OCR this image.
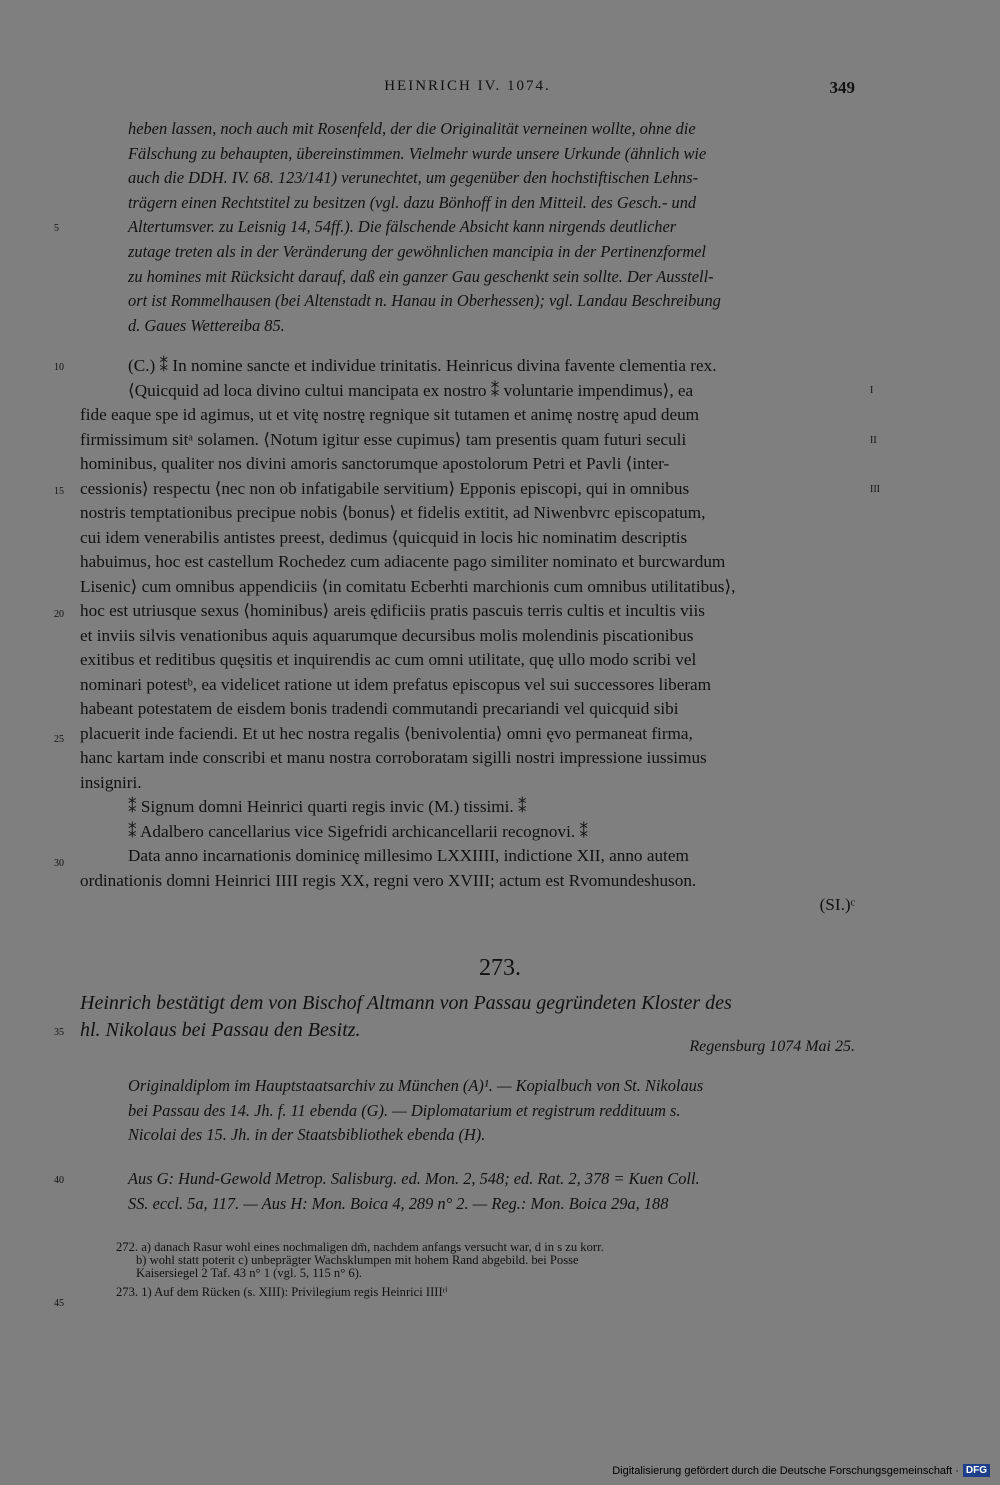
HEINRICH IV. 1074.	349
heben lassen, noch auch mit Rosenfeld, der die Originalität verneinen wollte, ohne die
Fälschung zu behaupten, übereinstimmen. Vielmehr wurde unsere Urkunde (ähnlich wie
auch die DDH. IV. 68. 123/141) verunechtet, um gegenüber den hochstiftischen Lehns-
trägern einen Rechtstitel zu besitzen (vgl. dazu Bönhoff in den Mitteil. des Gesch.- und
Altertumsver. zu Leisnig 14, 54ff.). Die fälschende Absicht kann nirgends deutlicher
zutage treten als in der Veränderung der gewöhnlichen mancipia in der Pertinenzformel
zu homines mit Rücksicht darauf, daß ein ganzer Gau geschenkt sein sollte. Der Ausstell-
ort ist Rommelhausen (bei Altenstadt n. Hanau in Oberhessen); vgl. Landau Beschreibung
d. Gaues Wettereiba 85.
(C.) ⁑ In nomine sancte et individue trinitatis. Heinricus divina favente clementia rex.
⟨Quicquid ad loca divino cultui mancipata ex nostro ⁑ voluntarie impendimus⟩, ea
fide eaque spe id agimus, ut et vitę nostrę regnique sit tutamen et animę nostrę apud deum
firmissimum sitᵃ solamen. ⟨Notum igitur esse cupimus⟩ tam presentis quam futuri seculi
hominibus, qualiter nos divini amoris sanctorumque apostolorum Petri et Pavli ⟨inter-
cessionis⟩ respectu ⟨nec non ob infatigabile servitium⟩ Epponis episcopi, qui in omnibus
nostris temptationibus precipue nobis ⟨bonus⟩ et fidelis extitit, ad Niwenbvrc episcopatum,
cui idem venerabilis antistes preest, dedimus ⟨quicquid in locis hic nominatim descriptis
habuimus, hoc est castellum Rochedez cum adiacente pago similiter nominato et burcwardum
Lisenic⟩ cum omnibus appendiciis ⟨in comitatu Ecberhti marchionis cum omnibus utilitatibus⟩,
hoc est utriusque sexus ⟨hominibus⟩ areis ędificiis pratis pascuis terris cultis et incultis viis
et inviis silvis venationibus aquis aquarumque decursibus molis molendinis piscationibus
exitibus et reditibus quęsitis et inquirendis ac cum omni utilitate, quę ullo modo scribi vel
nominari potestᵇ, ea videlicet ratione ut idem prefatus episcopus vel sui successores liberam
habeant potestatem de eisdem bonis tradendi commutandi precariandi vel quicquid sibi
placuerit inde faciendi. Et ut hec nostra regalis ⟨benivolentia⟩ omni ęvo permaneat firma,
hanc kartam inde conscribi et manu nostra corroboratam sigilli nostri impressione iussimus
insigniri.
⁑ Signum domni Heinrici quarti regis invic (M.) tissimi. ⁑
⁑ Adalbero cancellarius vice Sigefridi archicancellarii recognovi. ⁑
Data anno incarnationis dominicę millesimo LXXIIII, indictione XII, anno autem
ordinationis domni Heinrici IIII regis XX, regni vero XVIII; actum est Rvomundeshuson.
(SI.)ᶜ
273.
Heinrich bestätigt dem von Bischof Altmann von Passau gegründeten Kloster des
hl. Nikolaus bei Passau den Besitz.
Regensburg 1074 Mai 25.
Originaldiplom im Hauptstaatsarchiv zu München (A)¹. — Kopialbuch von St. Nikolaus
bei Passau des 14. Jh. f. 11 ebenda (G). — Diplomatarium et registrum reddituum s.
Nicolai des 15. Jh. in der Staatsbibliothek ebenda (H).
Aus G: Hund-Gewold Metrop. Salisburg. ed. Mon. 2, 548; ed. Rat. 2, 378 = Kuen Coll.
SS. eccl. 5a, 117. — Aus H: Mon. Boica 4, 289 n° 2. — Reg.: Mon. Boica 29a, 188
272. a) danach Rasur wohl eines nochmaligen dm̄, nachdem anfangs versucht war, d in s zu korr.
b) wohl statt poterit c) unbeprägter Wachsklumpen mit hohem Rand abgebild. bei Posse
Kaisersiegel 2 Taf. 43 n° 1 (vgl. 5, 115 n° 6).
273. 1) Auf dem Rücken (s. XIII): Privilegium regis Heinrici IIIIᵗⁱ
5
10
15
20
25
30
35
40
45
I
II
III
Digitalisierung gefördert durch die Deutsche Forschungsgemeinschaft · DFG
